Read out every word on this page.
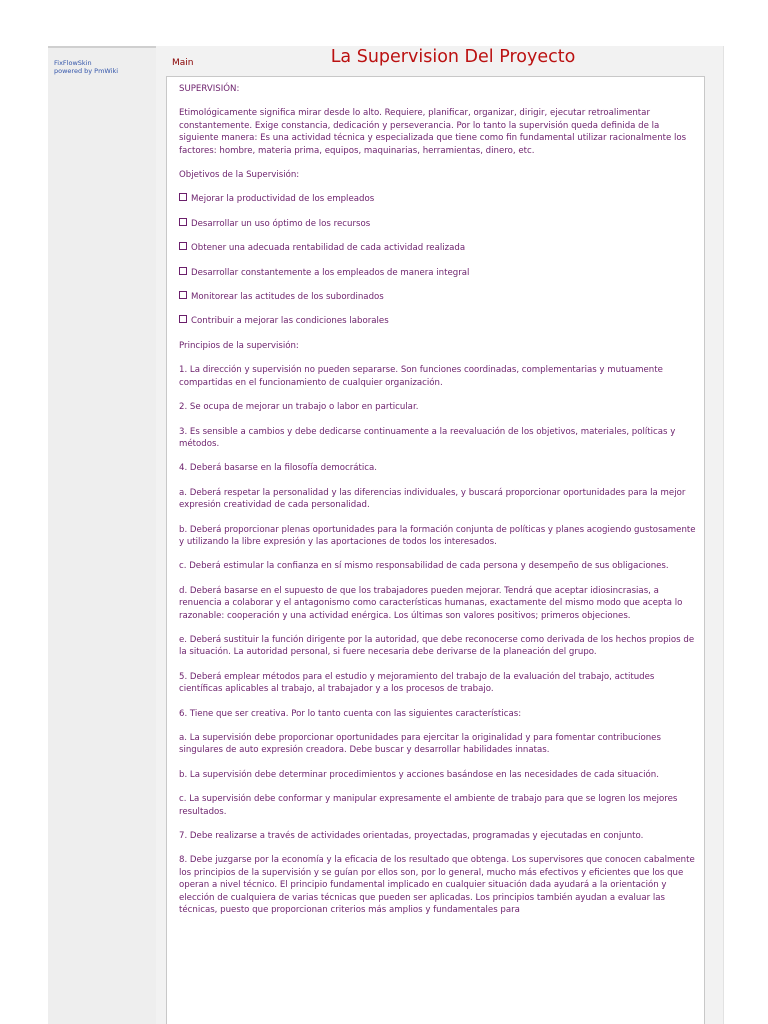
FixFlowSkin
powered by PmWiki
Main	La Supervision Del Proyecto

SUPERVISIÓN:

Etimológicamente significa mirar desde lo alto. Requiere, planificar, organizar, dirigir, ejecutar retroalimentar constantemente. Exige constancia, dedicación y perseverancia. Por lo tanto la supervisión queda definida de la siguiente manera: Es una actividad técnica y especializada que tiene como fin fundamental utilizar racionalmente los factores: hombre, materia prima, equipos, maquinarias, herramientas, dinero, etc.

Objetivos de la Supervisión:

Mejorar la productividad de los empleados

Desarrollar un uso óptimo de los recursos

Obtener una adecuada rentabilidad de cada actividad realizada

Desarrollar constantemente a los empleados de manera integral

Monitorear las actitudes de los subordinados

Contribuir a mejorar las condiciones laborales

Principios de la supervisión:

1. La dirección y supervisión no pueden separarse. Son funciones coordinadas, complementarias y mutuamente compartidas en el funcionamiento de cualquier organización.

2. Se ocupa de mejorar un trabajo o labor en particular.

3. Es sensible a cambios y debe dedicarse continuamente a la reevaluación de los objetivos, materiales, políticas y métodos.

4. Deberá basarse en la filosofía democrática.

a. Deberá respetar la personalidad y las diferencias individuales, y buscará proporcionar oportunidades para la mejor expresión creatividad de cada personalidad.

b. Deberá proporcionar plenas oportunidades para la formación conjunta de políticas y planes acogiendo gustosamente y utilizando la libre expresión y las aportaciones de todos los interesados.

c. Deberá estimular la confianza en sí mismo responsabilidad de cada persona y desempeño de sus obligaciones.

d. Deberá basarse en el supuesto de que los trabajadores pueden mejorar. Tendrá que aceptar idiosincrasias, a renuencia a colaborar y el antagonismo como características humanas, exactamente del mismo modo que acepta lo razonable: cooperación y una actividad enérgica. Los últimas son valores positivos; primeros objeciones.

e. Deberá sustituir la función dirigente por la autoridad, que debe reconocerse como derivada de los hechos propios de la situación. La autoridad personal, si fuere necesaria debe derivarse de la planeación del grupo.

5. Deberá emplear métodos para el estudio y mejoramiento del trabajo de la evaluación del trabajo, actitudes científicas aplicables al trabajo, al trabajador y a los procesos de trabajo.

6. Tiene que ser creativa. Por lo tanto cuenta con las siguientes características:

a. La supervisión debe proporcionar oportunidades para ejercitar la originalidad y para fomentar contribuciones singulares de auto expresión creadora. Debe buscar y desarrollar habilidades innatas.

b. La supervisión debe determinar procedimientos y acciones basándose en las necesidades de cada situación.

c. La supervisión debe conformar y manipular expresamente el ambiente de trabajo para que se logren los mejores resultados.

7. Debe realizarse a través de actividades orientadas, proyectadas, programadas y ejecutadas en conjunto.

8. Debe juzgarse por la economía y la eficacia de los resultado que obtenga. Los supervisores que conocen cabalmente los principios de la supervisión y se guían por ellos son, por lo general, mucho más efectivos y eficientes que los que operan a nivel técnico. El principio fundamental implicado en cualquier situación dada ayudará a la orientación y elección de cualquiera de varias técnicas que pueden ser aplicadas. Los principios también ayudan a evaluar las técnicas, puesto que proporcionan criterios más amplios y fundamentales para
